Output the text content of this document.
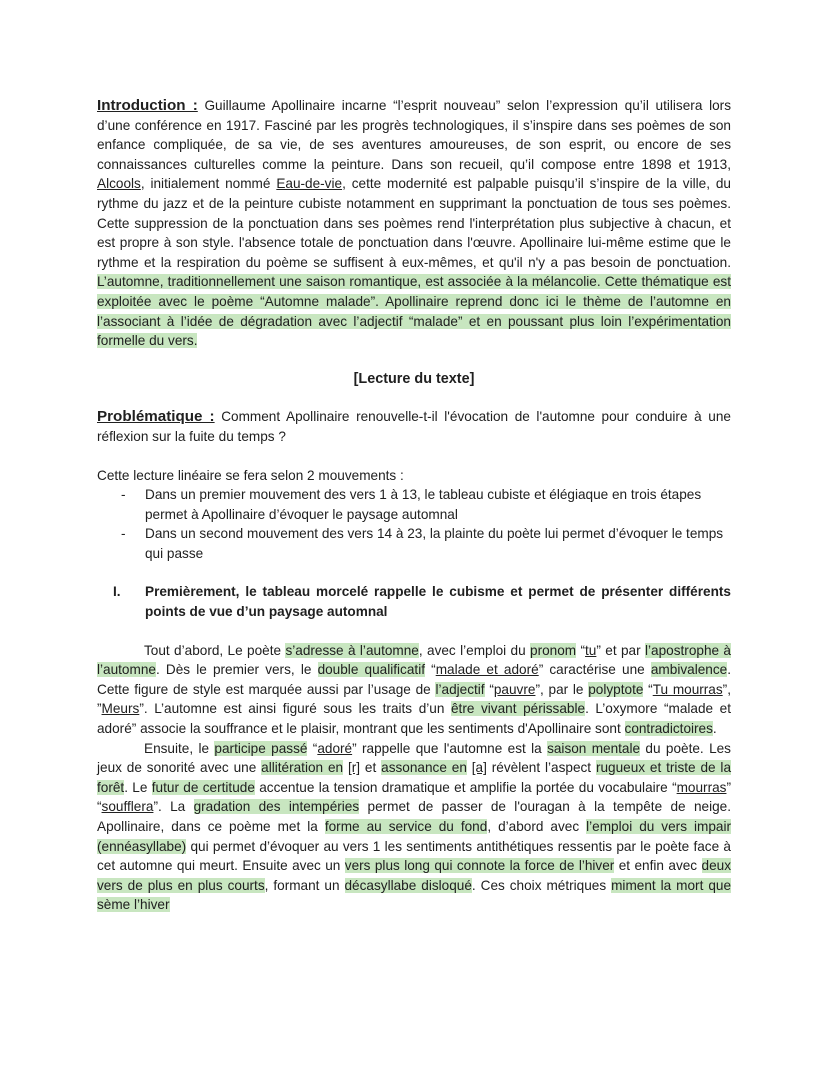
Introduction : Guillaume Apollinaire incarne “l’esprit nouveau” selon l’expression qu’il utilisera lors d’une conférence en 1917. Fasciné par les progrès technologiques, il s’inspire dans ses poèmes de son enfance compliquée, de sa vie, de ses aventures amoureuses, de son esprit, ou encore de ses connaissances culturelles comme la peinture. Dans son recueil, qu’il compose entre 1898 et 1913, Alcools, initialement nommé Eau-de-vie, cette modernité est palpable puisqu’il s’inspire de la ville, du rythme du jazz et de la peinture cubiste notamment en supprimant la ponctuation de tous ses poèmes. Cette suppression de la ponctuation dans ses poèmes rend l'interprétation plus subjective à chacun, et est propre à son style. l'absence totale de ponctuation dans l'œuvre. Apollinaire lui-même estime que le rythme et la respiration du poème se suffisent à eux-mêmes, et qu'il n'y a pas besoin de ponctuation. L’automne, traditionnellement une saison romantique, est associée à la mélancolie. Cette thématique est exploitée avec le poème “Automne malade”. Apollinaire reprend donc ici le thème de l’automne en l’associant à l’idée de dégradation avec l’adjectif “malade” et en poussant plus loin l’expérimentation formelle du vers.

[Lecture du texte]

Problématique : Comment Apollinaire renouvelle-t-il l'évocation de l'automne pour conduire à une réflexion sur la fuite du temps ?

Cette lecture linéaire se fera selon 2 mouvements :

- Dans un premier mouvement des vers 1 à 13, le tableau cubiste et élégiaque en trois étapes permet à Apollinaire d’évoquer le paysage automnal
- Dans un second mouvement des vers 14 à 23, la plainte du poète lui permet d’évoquer le temps qui passe
I. Premièrement, le tableau morcelé rappelle le cubisme et permet de présenter différents points de vue d’un paysage automnal

Tout d’abord, Le poète s’adresse à l’automne, avec l’emploi du pronom “tu” et par l’apostrophe à l’automne. Dès le premier vers, le double qualificatif “malade et adoré” caractérise une ambivalence. Cette figure de style est marquée aussi par l’usage de l’adjectif “pauvre”, par le polyptote “Tu mourras”, ”Meurs”. L’automne est ainsi figuré sous les traits d’un être vivant périssable. L’oxymore “malade et adoré” associe la souffrance et le plaisir, montrant que les sentiments d'Apollinaire sont contradictoires.

Ensuite, le participe passé “adoré” rappelle que l'automne est la saison mentale du poète. Les jeux de sonorité avec une allitération en [r] et assonance en [a] révèlent l’aspect rugueux et triste de la forêt. Le futur de certitude accentue la tension dramatique et amplifie la portée du vocabulaire “mourras” “soufflera”. La gradation des intempéries permet de passer de l'ouragan à la tempête de neige. Apollinaire, dans ce poème met la forme au service du fond, d’abord avec l’emploi du vers impair (ennéasyllabe) qui permet d’évoquer au vers 1 les sentiments antithétiques ressentis par le poète face à cet automne qui meurt. Ensuite avec un vers plus long qui connote la force de l’hiver et enfin avec deux vers de plus en plus courts, formant un décasyllabe disloqué. Ces choix métriques miment la mort que sème l’hiver
